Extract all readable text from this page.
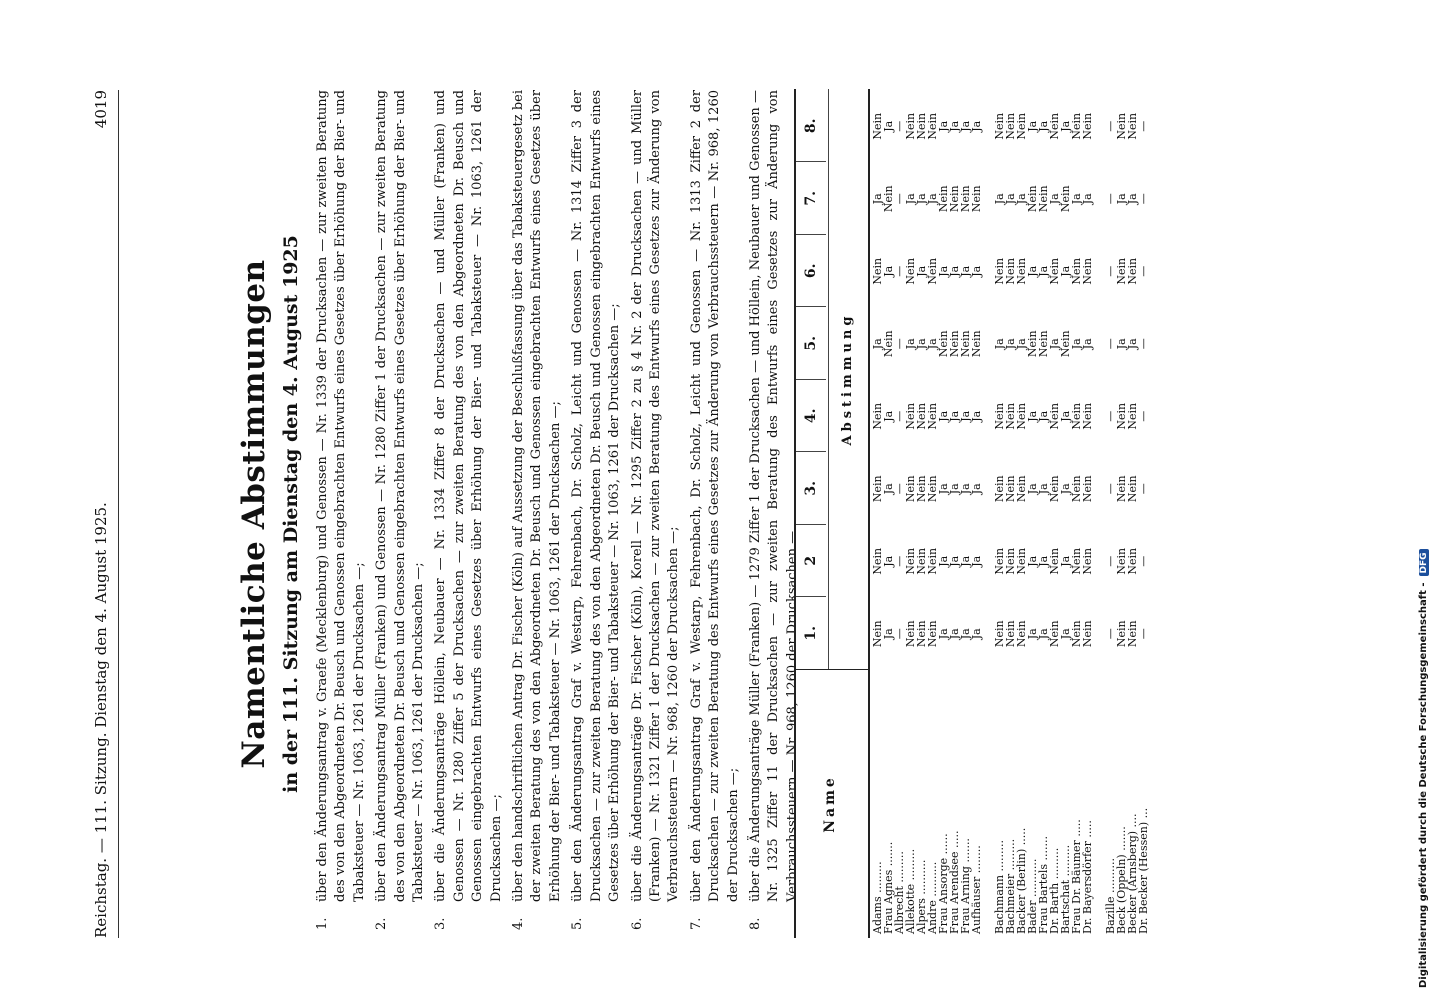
Reichstag. — 111. Sitzung. Dienstag den 4. August 1925.
4019
Namentliche Abstimmungen in der 111. Sitzung am Dienstag den 4. August 1925
1.
über den Änderungsantrag v. Graefe (Mecklenburg) und Genossen — Nr. 1339 der Drucksachen — zur zweiten Beratung des von den Abgeordneten Dr. Beusch und Genossen eingebrachten Entwurfs eines Gesetzes über Erhöhung der Bier- und Tabaksteuer — Nr. 1063, 1261 der Drucksachen —;
2.
über den Änderungsantrag Müller (Franken) und Genossen — Nr. 1280 Ziffer 1 der Drucksachen — zur zweiten Beratung des von den Abgeordneten Dr. Beusch und Genossen eingebrachten Entwurfs eines Gesetzes über Erhöhung der Bier- und Tabaksteuer — Nr. 1063, 1261 der Drucksachen —;
3.
über die Änderungsanträge Höllein, Neubauer — Nr. 1334 Ziffer 8 der Drucksachen — und Müller (Franken) und Genossen — Nr. 1280 Ziffer 5 der Drucksachen — zur zweiten Beratung des von den Abgeordneten Dr. Beusch und Genossen eingebrachten Entwurfs eines Gesetzes über Erhöhung der Bier- und Tabaksteuer — Nr. 1063, 1261 der Drucksachen —;
4.
über den handschriftlichen Antrag Dr. Fischer (Köln) auf Aussetzung der Beschlußfassung über das Tabaksteuergesetz bei der zweiten Beratung des von den Abgeordneten Dr. Beusch und Genossen eingebrachten Entwurfs eines Gesetzes über Erhöhung der Bier- und Tabaksteuer — Nr. 1063, 1261 der Drucksachen —;
5.
über den Änderungsantrag Graf v. Westarp, Fehrenbach, Dr. Scholz, Leicht und Genossen — Nr. 1314 Ziffer 3 der Drucksachen — zur zweiten Beratung des von den Abgeordneten Dr. Beusch und Genossen eingebrachten Entwurfs eines Gesetzes über Erhöhung der Bier- und Tabaksteuer — Nr. 1063, 1261 der Drucksachen —;
6.
über die Änderungsanträge Dr. Fischer (Köln), Korell — Nr. 1295 Ziffer 2 zu § 4 Nr. 2 der Drucksachen — und Müller (Franken) — Nr. 1321 Ziffer 1 der Drucksachen — zur zweiten Beratung des Entwurfs eines Gesetzes zur Änderung von Verbrauchssteuern — Nr. 968, 1260 der Drucksachen —;
7.
über den Änderungsantrag Graf v. Westarp, Fehrenbach, Dr. Scholz, Leicht und Genossen — Nr. 1313 Ziffer 2 der Drucksachen — zur zweiten Beratung des Entwurfs eines Gesetzes zur Änderung von Verbrauchssteuern — Nr. 968, 1260 der Drucksachen —;
8.
über die Änderungsanträge Müller (Franken) — 1279 Ziffer 1 der Drucksachen — und Höllein, Neubauer und Genossen — Nr. 1325 Ziffer 11 der Drucksachen — zur zweiten Beratung des Entwurfs eines Gesetzes zur Änderung von Verbrauchssteuern — Nr. 968, 1260 der Drucksachen —. Name
1.
2
3.
4.
5.
6.
7.
8.
Abstimmung
Adams .........
Nein
Nein
Nein
Nein
Ja
Nein
Ja
Nein
Frau Agnes .......
Ja
Ja
Ja
Ja
Nein
Ja
Nein
Ja
Albrecht .........
—
—
—
—
—
—
—
—
Allekotte .........
Nein
Nein
Nein
Nein
Ja
Nein
Ja
Nein
Alpers ..........
Nein
Nein
Nein
Nein
Ja
Ja
Ja
Nein
Andre ..........
Nein
Nein
Nein
Nein
Ja
Nein
Ja
Nein
Frau Ansorge ......
Ja
Ja
Ja
Ja
Nein
Ja
Nein
Ja
Frau Arendsee .....
Ja
Ja
Ja
Ja
Nein
Ja
Nein
Ja
Frau Arning .......
Ja
Ja
Ja
Ja
Nein
Ja
Nein
Ja
Aufhäuser ........
Ja
Ja
Ja
Ja
Nein
Ja
Nein
Ja
Bachmann .........
Nein
Nein
Nein
Nein
Ja
Nein
Ja
Nein
Bachmeier .........
Nein
Nein
Nein
Nein
Ja
Nein
Ja
Nein
Backer (Berlin) .....
Nein
Nein
Nein
Nein
Ja
Nein
Ja
Nein
Bader ...........
Ja
Ja
Ja
Ja
Nein
Ja
Nein
Ja
Frau Bartels .......
Ja
Ja
Ja
Ja
Nein
Ja
Nein
Ja
Dr. Barth .........
Nein
Nein
Nein
Nein
Ja
Nein
Ja
Nein
Bartschat .........
Ja
Ja
Ja
Ja
Nein
Ja
Nein
Ja
Frau Dr. Bäumer .....
Nein
Nein
Nein
Nein
Ja
Nein
Ja
Nein
Dr. Bayersdörfer .....
Nein
Nein
Nein
Nein
Ja
Nein
Ja
Nein
Bazille ..........
—
—
—
—
—
—
—
—
Beck (Oppeln) .......
Nein
Nein
Nein
Nein
Ja
Nein
Ja
Nein
Becker (Arnsberg) ....
Nein
Nein
Nein
Nein
Ja
Nein
Ja
Nein
Dr. Becker (Hessen) ...
—
—
—
—
—
—
—
—
Digitalisierung gefördert durch die Deutsche Forschungsgemeinschaft -DFG
